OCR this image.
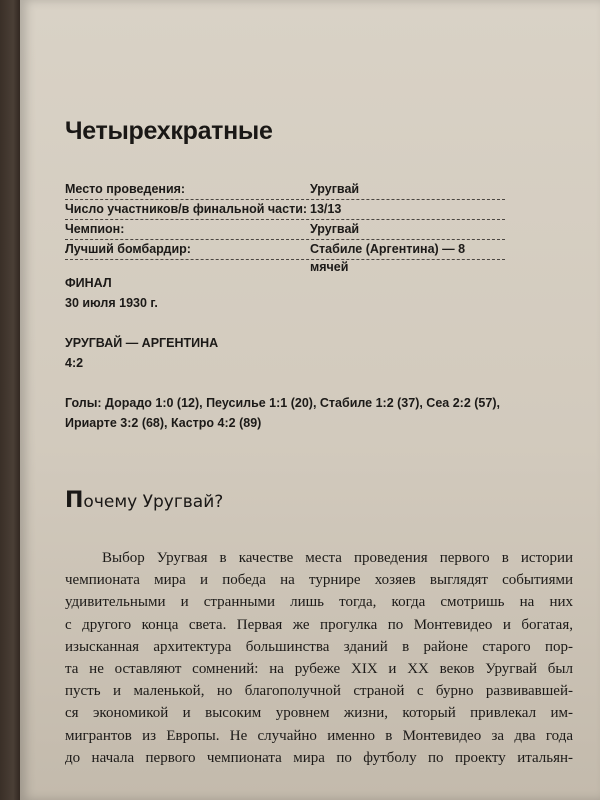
Четырехкратные
Место проведения:	Уругвай
Число участников/в финальной части: 13/13
Чемпион:	Уругвай
Лучший бомбардир:	Стабиле (Аргентина) — 8 мячей
ФИНАЛ
30 июля 1930 г.
УРУГВАЙ — АРГЕНТИНА
4:2
Голы: Дорадо 1:0 (12), Пеусилье 1:1 (20), Стабиле 1:2 (37), Сеа 2:2 (57),
Ириарте 3:2 (68), Кастро 4:2 (89)
Почему Уругвай?
Выбор Уругвая в качестве места проведения первого в истории
чемпионата мира и победа на турнире хозяев выглядят событиями
удивительными и странными лишь тогда, когда смотришь на них
с другого конца света. Первая же прогулка по Монтевидео и богатая,
изысканная архитектура большинства зданий в районе старого пор-
та не оставляют сомнений: на рубеже XIX и XX веков Уругвай был
пусть и маленькой, но благополучной страной с бурно развивавшей-
ся экономикой и высоким уровнем жизни, который привлекал им-
мигрантов из Европы. Не случайно именно в Монтевидео за два года
до начала первого чемпионата мира по футболу по проекту итальян-
